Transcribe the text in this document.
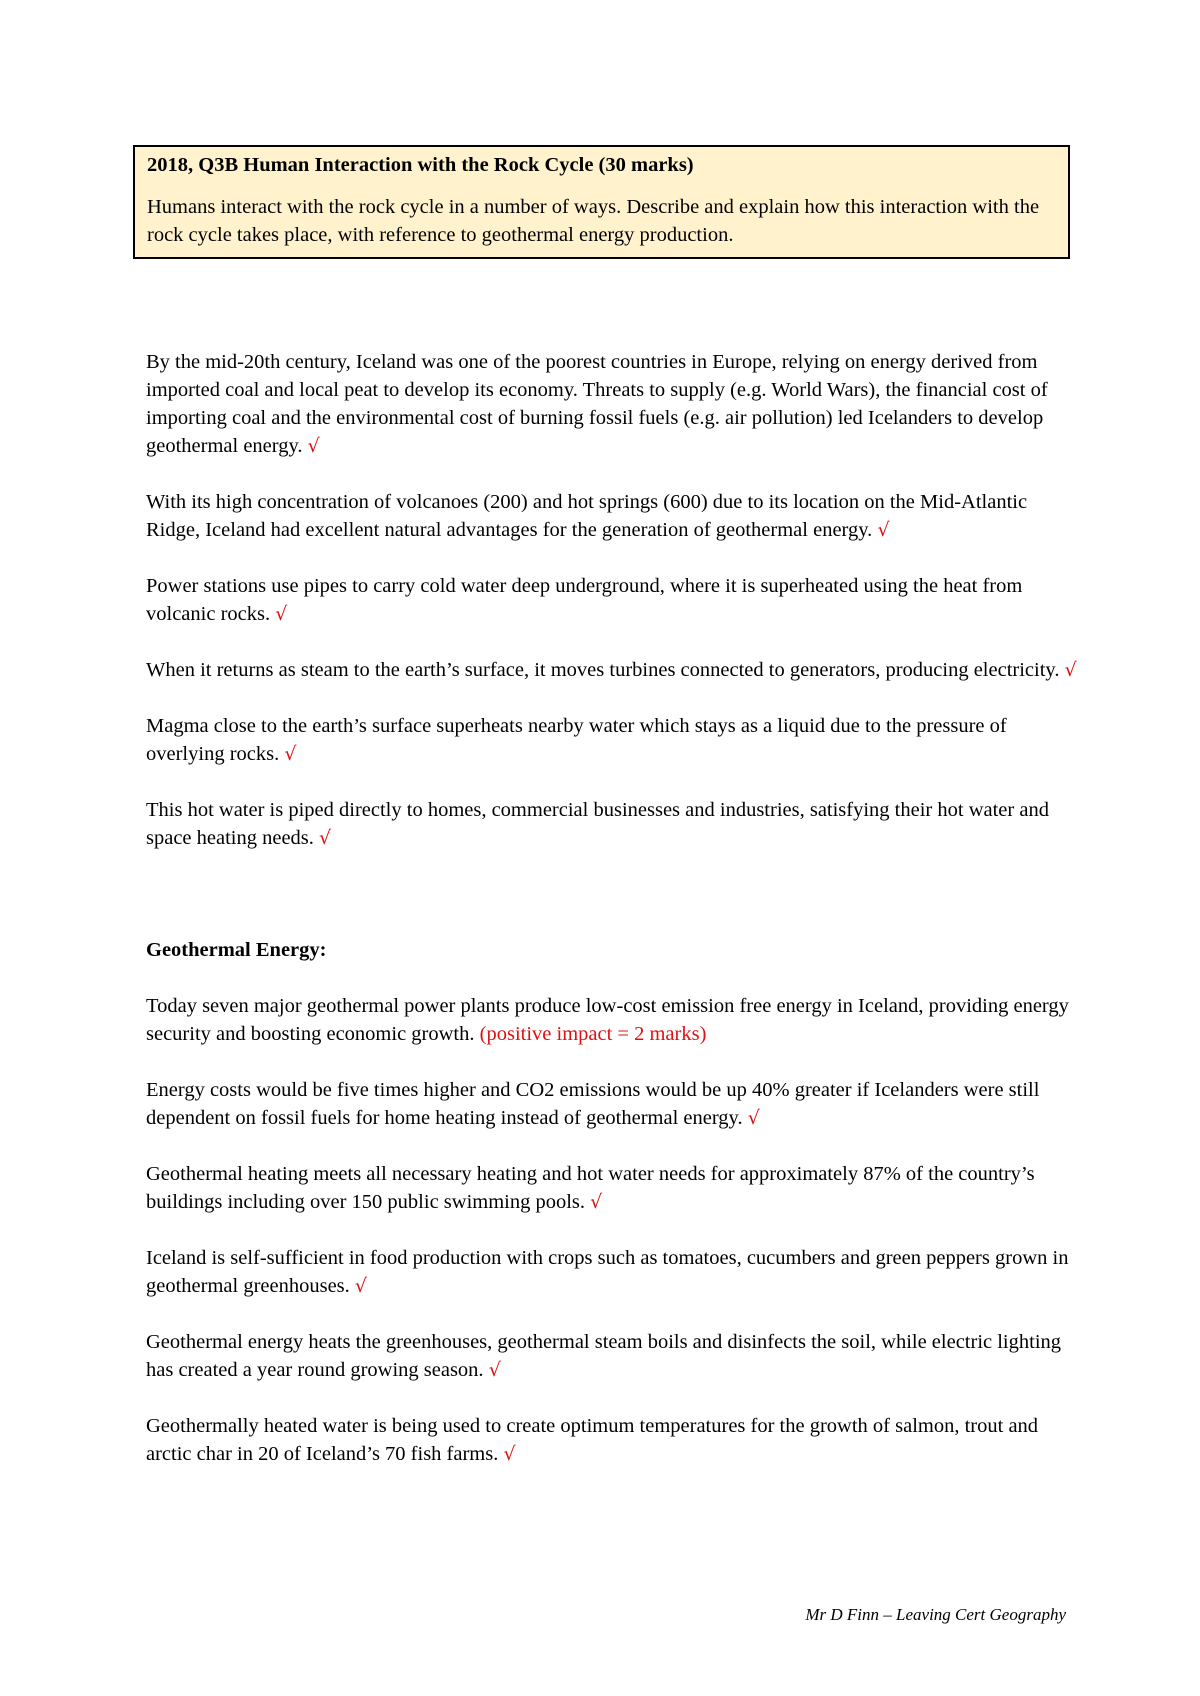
2018, Q3B Human Interaction with the Rock Cycle (30 marks)

Humans interact with the rock cycle in a number of ways. Describe and explain how this interaction with the rock cycle takes place, with reference to geothermal energy production.

By the mid-20th century, Iceland was one of the poorest countries in Europe, relying on energy derived from imported coal and local peat to develop its economy. Threats to supply (e.g. World Wars), the financial cost of importing coal and the environmental cost of burning fossil fuels (e.g. air pollution) led Icelanders to develop geothermal energy. √

With its high concentration of volcanoes (200) and hot springs (600) due to its location on the Mid-Atlantic Ridge, Iceland had excellent natural advantages for the generation of geothermal energy. √

Power stations use pipes to carry cold water deep underground, where it is superheated using the heat from volcanic rocks. √

When it returns as steam to the earth’s surface, it moves turbines connected to generators, producing electricity. √

Magma close to the earth’s surface superheats nearby water which stays as a liquid due to the pressure of overlying rocks. √

This hot water is piped directly to homes, commercial businesses and industries, satisfying their hot water and space heating needs. √

Geothermal Energy:

Today seven major geothermal power plants produce low-cost emission free energy in Iceland, providing energy security and boosting economic growth. (positive impact = 2 marks)

Energy costs would be five times higher and CO2 emissions would be up 40% greater if Icelanders were still dependent on fossil fuels for home heating instead of geothermal energy. √

Geothermal heating meets all necessary heating and hot water needs for approximately 87% of the country’s buildings including over 150 public swimming pools. √

Iceland is self-sufficient in food production with crops such as tomatoes, cucumbers and green peppers grown in geothermal greenhouses. √

Geothermal energy heats the greenhouses, geothermal steam boils and disinfects the soil, while electric lighting has created a year round growing season. √

Geothermally heated water is being used to create optimum temperatures for the growth of salmon, trout and arctic char in 20 of Iceland’s 70 fish farms. √

Mr D Finn – Leaving Cert Geography
